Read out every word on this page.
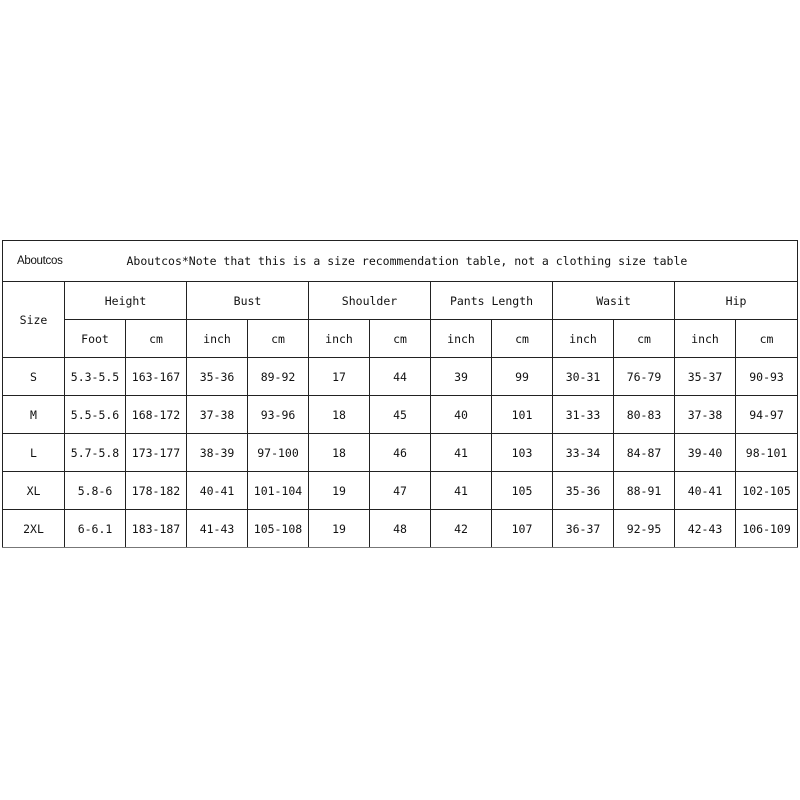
Aboutcos		Aboutcos*Note that this is a size recommendation table, not a clothing size table										
Size	Height		Bust		Shoulder		Pants Length		Wasit		Hip	
	Foot	cm	inch	cm	inch	cm	inch	cm	inch	cm	inch	cm
S	5.3-5.5	163-167	35-36	89-92	17	44	39	99	30-31	76-79	35-37	90-93
M	5.5-5.6	168-172	37-38	93-96	18	45	40	101	31-33	80-83	37-38	94-97
L	5.7-5.8	173-177	38-39	97-100	18	46	41	103	33-34	84-87	39-40	98-101
XL	5.8-6	178-182	40-41	101-104	19	47	41	105	35-36	88-91	40-41	102-105
2XL	6-6.1	183-187	41-43	105-108	19	48	42	107	36-37	92-95	42-43	106-109
